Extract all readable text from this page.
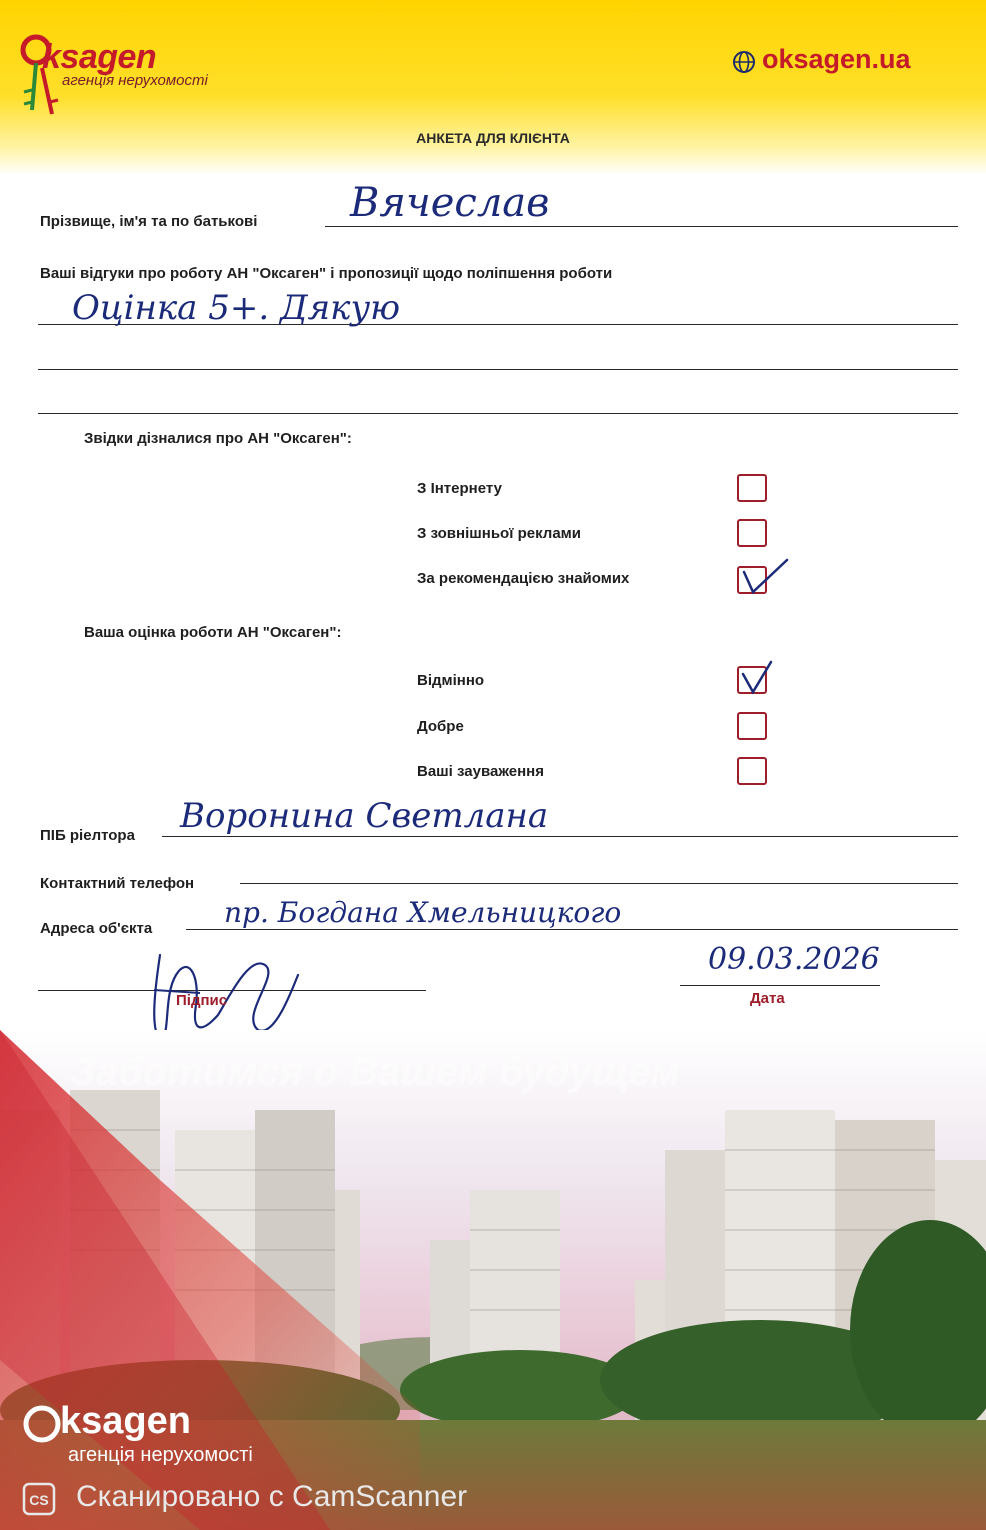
ksagen
агенція нерухомості
oksagen.ua
АНКЕТА ДЛЯ КЛІЄНТА
Прізвище, ім'я та по батькові Вячеслав
Ваші відгуки про роботу АН "Оксаген" і пропозиції щодо поліпшення роботи
Оцінка 5+. Дякую
Звідки дізналися про АН "Оксаген":
З Інтернету
З зовнішньої реклами
За рекомендацією знайомих
Ваша оцінка роботи АН "Оксаген":
Відмінно
Добре
Ваші зауваження
ПІБ ріелтора Воронина Светлана
Контактний телефон
Адреса об'єкта	пр. Богдана Хмельницкого
Підпис
09.03.2026
Дата
ksagen
агенція нерухомості
Заботимся о Вашем будущем
CS Сканировано с CamScanner
